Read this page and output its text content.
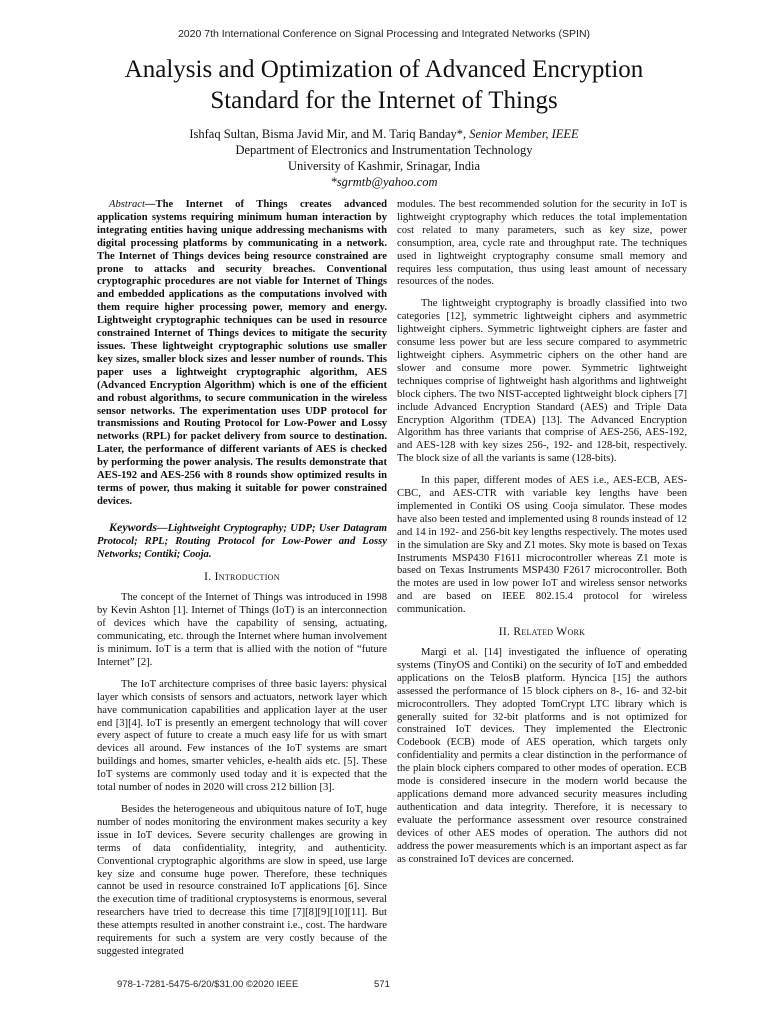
2020 7th International Conference on Signal Processing and Integrated Networks (SPIN)
Analysis and Optimization of Advanced Encryption Standard for the Internet of Things
Ishfaq Sultan, Bisma Javid Mir, and M. Tariq Banday*, Senior Member, IEEE
Department of Electronics and Instrumentation Technology
University of Kashmir, Srinagar, India
*sgrmtb@yahoo.com

Abstract—The Internet of Things creates advanced application systems requiring minimum human interaction by integrating entities having unique addressing mechanisms with digital processing platforms by communicating in a network. The Internet of Things devices being resource constrained are prone to attacks and security breaches. Conventional cryptographic procedures are not viable for Internet of Things and embedded applications as the computations involved with them require higher processing power, memory and energy. Lightweight cryptographic techniques can be used in resource constrained Internet of Things devices to mitigate the security issues. These lightweight cryptographic solutions use smaller key sizes, smaller block sizes and lesser number of rounds. This paper uses a lightweight cryptographic algorithm, AES (Advanced Encryption Algorithm) which is one of the efficient and robust algorithms, to secure communication in the wireless sensor networks. The experimentation uses UDP protocol for transmissions and Routing Protocol for Low-Power and Lossy networks (RPL) for packet delivery from source to destination. Later, the performance of different variants of AES is checked by performing the power analysis. The results demonstrate that AES-192 and AES-256 with 8 rounds show optimized results in terms of power, thus making it suitable for power constrained devices.

Keywords—Lightweight Cryptography; UDP; User Datagram Protocol; RPL; Routing Protocol for Low-Power and Lossy Networks; Contiki; Cooja.

I. Introduction

The concept of the Internet of Things was introduced in 1998 by Kevin Ashton [1]. Internet of Things (IoT) is an interconnection of devices which have the capability of sensing, actuating, communicating, etc. through the Internet where human involvement is minimum. IoT is a term that is allied with the notion of “future Internet” [2].

The IoT architecture comprises of three basic layers: physical layer which consists of sensors and actuators, network layer which have communication capabilities and application layer at the user end [3][4]. IoT is presently an emergent technology that will cover every aspect of future to create a much easy life for us with smart devices all around. Few instances of the IoT systems are smart buildings and homes, smarter vehicles, e-health aids etc. [5]. These IoT systems are commonly used today and it is expected that the total number of nodes in 2020 will cross 212 billion [3].

Besides the heterogeneous and ubiquitous nature of IoT, huge number of nodes monitoring the environment makes security a key issue in IoT devices. Severe security challenges are growing in terms of data confidentiality, integrity, and authenticity. Conventional cryptographic algorithms are slow in speed, use large key size and consume huge power. Therefore, these techniques cannot be used in resource constrained IoT applications [6]. Since the execution time of traditional cryptosystems is enormous, several researchers have tried to decrease this time [7][8][9][10][11]. But these attempts resulted in another constraint i.e., cost. The hardware requirements for such a system are very costly because of the suggested integrated

modules. The best recommended solution for the security in IoT is lightweight cryptography which reduces the total implementation cost related to many parameters, such as key size, power consumption, area, cycle rate and throughput rate. The techniques used in lightweight cryptography consume small memory and requires less computation, thus using least amount of necessary resources of the nodes.

The lightweight cryptography is broadly classified into two categories [12], symmetric lightweight ciphers and asymmetric lightweight ciphers. Symmetric lightweight ciphers are faster and consume less power but are less secure compared to asymmetric lightweight ciphers. Asymmetric ciphers on the other hand are slower and consume more power. Symmetric lightweight techniques comprise of lightweight hash algorithms and lightweight block ciphers. The two NIST-accepted lightweight block ciphers [7] include Advanced Encryption Standard (AES) and Triple Data Encryption Algorithm (TDEA) [13]. The Advanced Encryption Algorithm has three variants that comprise of AES-256, AES-192, and AES-128 with key sizes 256-, 192- and 128-bit, respectively. The block size of all the variants is same (128-bits).

In this paper, different modes of AES i.e., AES-ECB, AES-CBC, and AES-CTR with variable key lengths have been implemented in Contiki OS using Cooja simulator. These modes have also been tested and implemented using 8 rounds instead of 12 and 14 in 192- and 256-bit key lengths respectively. The motes used in the simulation are Sky and Z1 motes. Sky mote is based on Texas Instruments MSP430 F1611 microcontroller whereas Z1 mote is based on Texas Instruments MSP430 F2617 microcontroller. Both the motes are used in low power IoT and wireless sensor networks and are based on IEEE 802.15.4 protocol for wireless communication.

II. Related Work

Margi et al. [14] investigated the influence of operating systems (TinyOS and Contiki) on the security of IoT and embedded applications on the TelosB platform. Hyncica [15] the authors assessed the performance of 15 block ciphers on 8-, 16- and 32-bit microcontrollers. They adopted TomCrypt LTC library which is generally suited for 32-bit platforms and is not optimized for constrained IoT devices. They implemented the Electronic Codebook (ECB) mode of AES operation, which targets only confidentiality and permits a clear distinction in the performance of the plain block ciphers compared to other modes of operation. ECB mode is considered insecure in the modern world because the applications demand more advanced security measures including authentication and data integrity. Therefore, it is necessary to evaluate the performance assessment over resource constrained devices of other AES modes of operation. The authors did not address the power measurements which is an important aspect as far as constrained IoT devices are concerned.

978-1-7281-5475-6/20/$31.00 ©2020 IEEE	571
